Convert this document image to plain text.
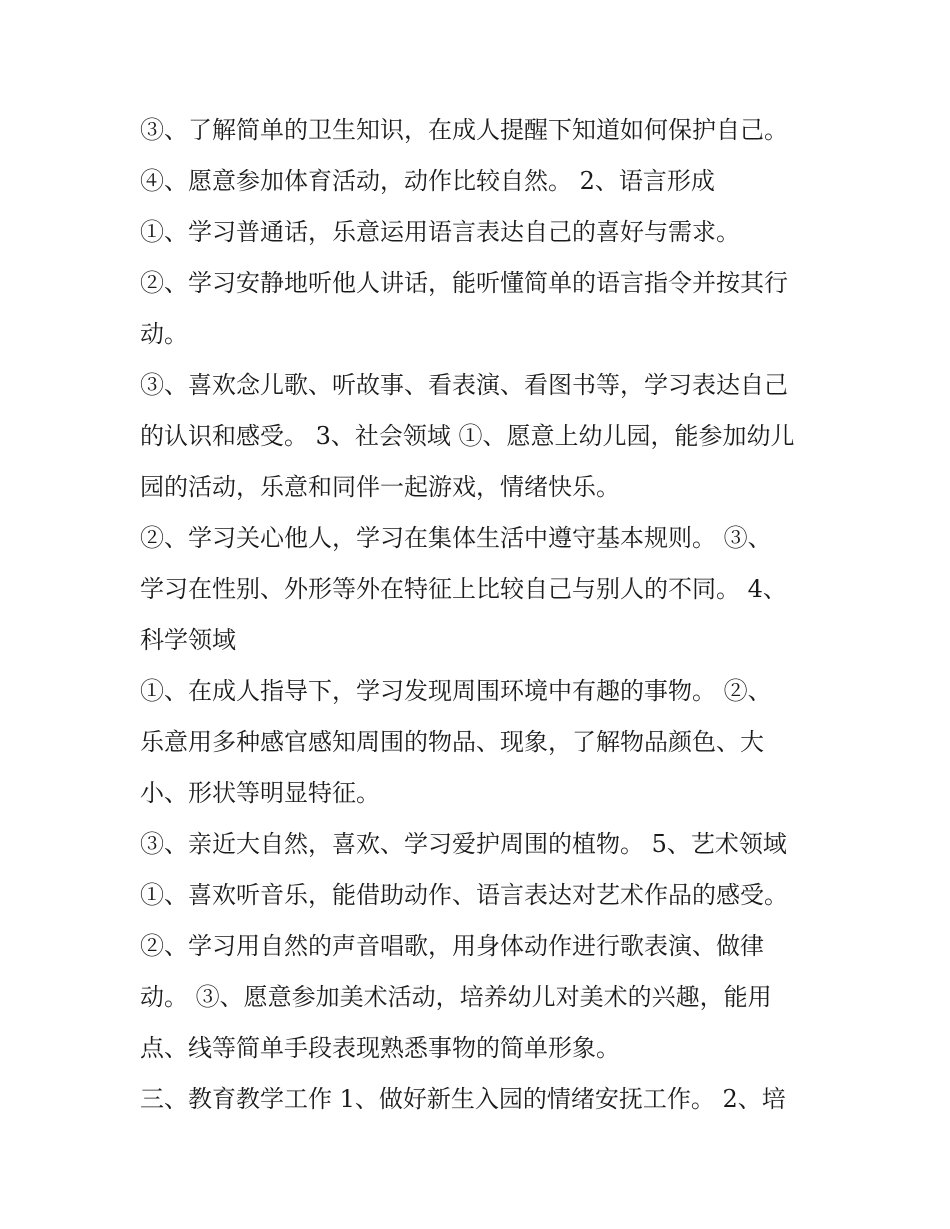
③、了解简单的卫生知识，在成人提醒下知道如何保护自己。
④、愿意参加体育活动，动作比较自然。 2、语言形成
①、学习普通话，乐意运用语言表达自己的喜好与需求。
②、学习安静地听他人讲话，能听懂简单的语言指令并按其行
动。
③、喜欢念儿歌、听故事、看表演、看图书等，学习表达自己
的认识和感受。 3、社会领域 ①、愿意上幼儿园，能参加幼儿
园的活动，乐意和同伴一起游戏，情绪快乐。
②、学习关心他人，学习在集体生活中遵守基本规则。 ③、
学习在性别、外形等外在特征上比较自己与别人的不同。 4、
科学领域
①、在成人指导下，学习发现周围环境中有趣的事物。 ②、
乐意用多种感官感知周围的物品、现象，了解物品颜色、大
小、形状等明显特征。
③、亲近大自然，喜欢、学习爱护周围的植物。 5、艺术领域
①、喜欢听音乐，能借助动作、语言表达对艺术作品的感受。
②、学习用自然的声音唱歌，用身体动作进行歌表演、做律
动。 ③、愿意参加美术活动，培养幼儿对美术的兴趣，能用
点、线等简单手段表现熟悉事物的简单形象。
三、教育教学工作 1、做好新生入园的情绪安抚工作。 2、培
